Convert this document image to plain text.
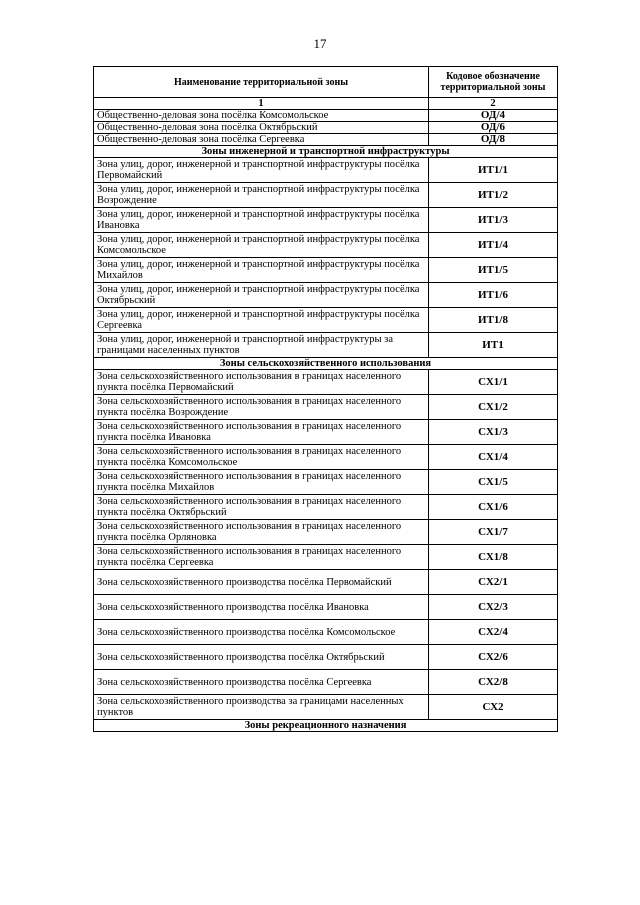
17
Наименование территориальной зоны	Кодовое обозначение территориальной зоны
1	2
Общественно-деловая зона посёлка Комсомольское	ОД/4
Общественно-деловая зона посёлка Октябрьский	ОД/6
Общественно-деловая зона посёлка Сергеевка	ОД/8
Зоны инженерной и транспортной инфраструктуры	
Зона улиц, дорог, инженерной и транспортной инфраструктуры посёлка Первомайский	ИТ1/1
Зона улиц, дорог, инженерной и транспортной инфраструктуры посёлка Возрождение	ИТ1/2
Зона улиц, дорог, инженерной и транспортной инфраструктуры посёлка Ивановка	ИТ1/3
Зона улиц, дорог, инженерной и транспортной инфраструктуры посёлка Комсомольское	ИТ1/4
Зона улиц, дорог, инженерной и транспортной инфраструктуры посёлка Михайлов	ИТ1/5
Зона улиц, дорог, инженерной и транспортной инфраструктуры посёлка Октябрьский	ИТ1/6
Зона улиц, дорог, инженерной и транспортной инфраструктуры посёлка Сергеевка	ИТ1/8
Зона улиц, дорог, инженерной и транспортной инфраструктуры за границами населенных пунктов	ИТ1
Зоны сельскохозяйственного использования	
Зона сельскохозяйственного использования в границах населенного пункта посёлка Первомайский	СХ1/1
Зона сельскохозяйственного использования в границах населенного пункта посёлка Возрождение	СХ1/2
Зона сельскохозяйственного использования в границах населенного пункта посёлка Ивановка	СХ1/3
Зона сельскохозяйственного использования в границах населенного пункта посёлка Комсомольское	СХ1/4
Зона сельскохозяйственного использования в границах населенного пункта посёлка Михайлов	СХ1/5
Зона сельскохозяйственного использования в границах населенного пункта посёлка Октябрьский	СХ1/6
Зона сельскохозяйственного использования в границах населенного пункта посёлка Орляновка	СХ1/7
Зона сельскохозяйственного использования в границах населенного пункта посёлка Сергеевка	СХ1/8
Зона сельскохозяйственного производства посёлка Первомайский	СХ2/1
Зона сельскохозяйственного производства посёлка Ивановка	СХ2/3
Зона сельскохозяйственного производства посёлка Комсомольское	СХ2/4
Зона сельскохозяйственного производства посёлка Октябрьский	СХ2/6
Зона сельскохозяйственного производства посёлка Сергеевка	СХ2/8
Зона сельскохозяйственного производства за границами населенных пунктов	СХ2
Зоны рекреационного назначения	
